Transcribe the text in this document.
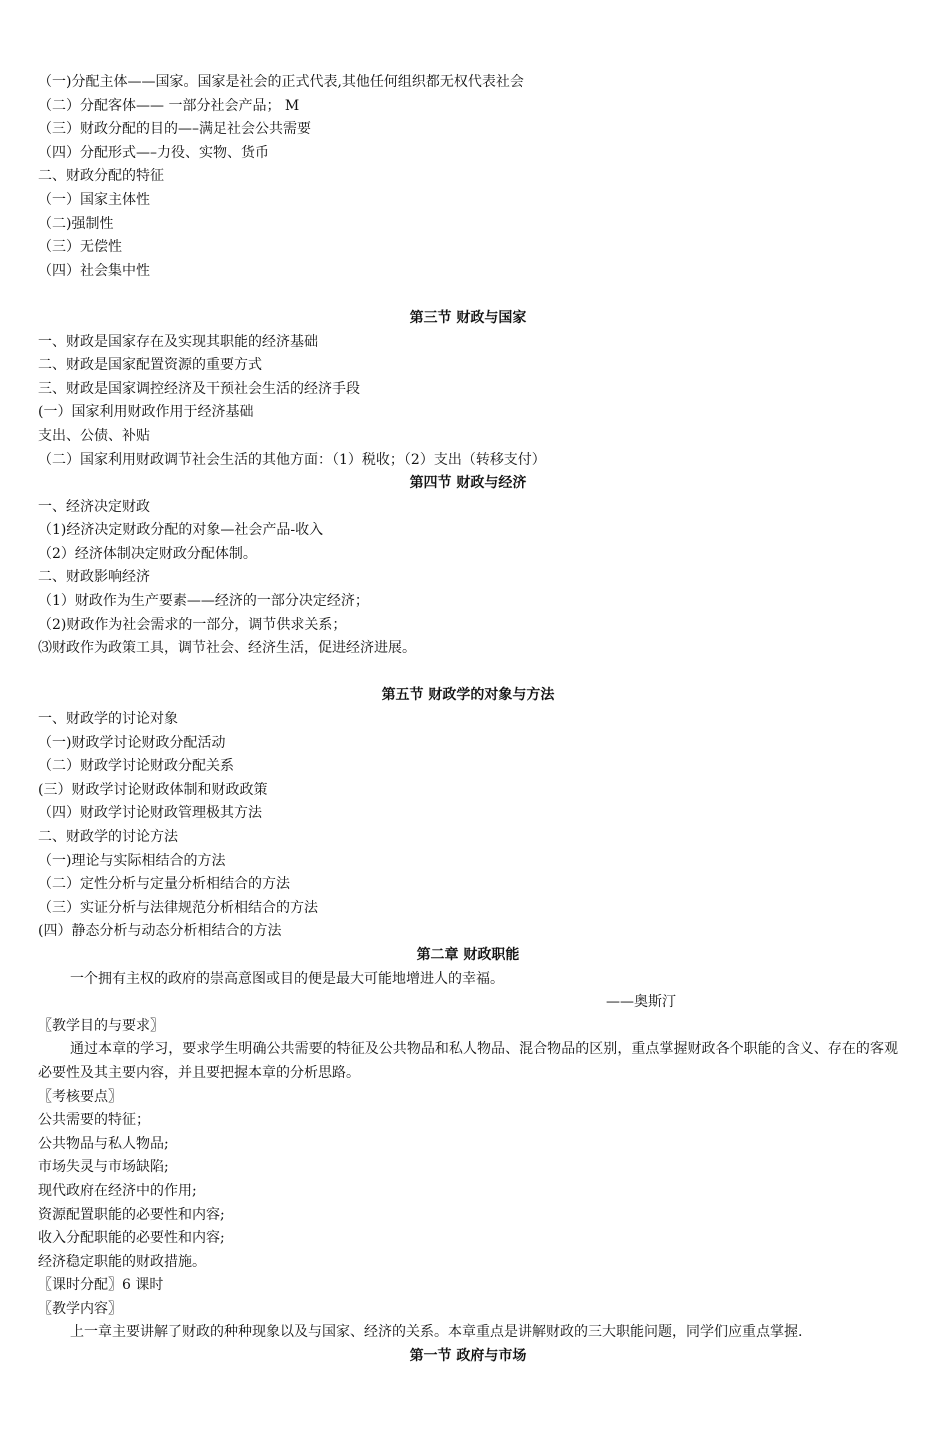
（一)分配主体——国家。国家是社会的正式代表,其他任何组织都无权代表社会
（二）分配客体—— 一部分社会产品； M
（三）财政分配的目的—–满足社会公共需要
（四）分配形式—–力役、实物、货币
二、财政分配的特征
（一）国家主体性
（二)强制性
（三）无偿性
（四）社会集中性
第三节 财政与国家
一、财政是国家存在及实现其职能的经济基础
二、财政是国家配置资源的重要方式
三、财政是国家调控经济及干预社会生活的经济手段
(一）国家利用财政作用于经济基础
支出、公债、补贴
（二）国家利用财政调节社会生活的其他方面：（1）税收；（2）支出（转移支付）
第四节 财政与经济
一、经济决定财政
（1)经济决定财政分配的对象—社会产品-收入
（2）经济体制决定财政分配体制。
二、财政影响经济
（1）财政作为生产要素——经济的一部分决定经济；
（2)财政作为社会需求的一部分，调节供求关系；
⑶财政作为政策工具，调节社会、经济生活，促进经济进展。
第五节 财政学的对象与方法
一、财政学的讨论对象
（一)财政学讨论财政分配活动
（二）财政学讨论财政分配关系
(三）财政学讨论财政体制和财政政策
（四）财政学讨论财政管理极其方法
二、财政学的讨论方法
（一)理论与实际相结合的方法
（二）定性分析与定量分析相结合的方法
（三）实证分析与法律规范分析相结合的方法
(四）静态分析与动态分析相结合的方法
第二章 财政职能
一个拥有主权的政府的崇高意图或目的便是最大可能地增进人的幸福。
——奥斯汀
〖教学目的与要求〗
通过本章的学习，要求学生明确公共需要的特征及公共物品和私人物品、混合物品的区别，重点掌握财政各个职能的含义、存在的客观必要性及其主要内容，并且要把握本章的分析思路。
〖考核要点〗
公共需要的特征；
公共物品与私人物品;
市场失灵与市场缺陷;
现代政府在经济中的作用;
资源配置职能的必要性和内容;
收入分配职能的必要性和内容;
经济稳定职能的财政措施。
〖课时分配〗6 课时
〖教学内容〗
上一章主要讲解了财政的种种现象以及与国家、经济的关系。本章重点是讲解财政的三大职能问题，同学们应重点掌握.
第一节 政府与市场
